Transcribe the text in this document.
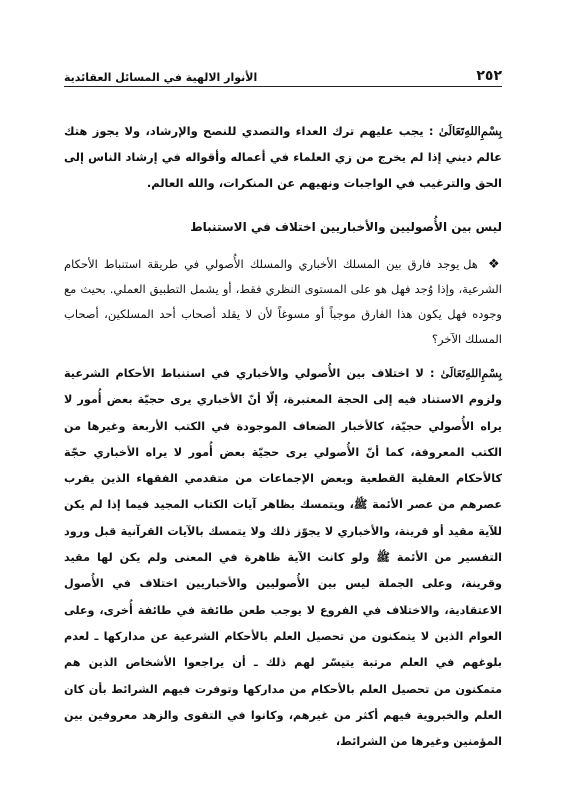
٢٥٢
الأنوار الالهية في المسائل العقائدية

بِسْمِ‌اللهِ‌تَعَالَىٰ : يجب عليهم ترك العداء والتصدي للنصح والإرشاد، ولا يجوز هتك عالم ديني إذا لم يخرج من زي العلماء في أعماله وأقواله في إرشاد الناس إلى الحق والترغيب في الواجبات ونهيهم عن المنكرات، والله العالم.

ليس بين الأُصوليين والأخباريين اختلاف في الاستنباط

❖ هل يوجد فارق بين المسلك الأخباري والمسلك الأُصولي في طريقة استنباط الأحكام الشرعية، وإذا وُجد فهل هو على المستوى النظري فقط، أو يشمل التطبيق العملي. بحيث مع وجوده فهل يكون هذا الفارق موجباً أو مسوغاً لأن لا يقلد أصحاب أحد المسلكين، أصحاب المسلك الآخر؟

بِسْمِ‌اللهِ‌تَعَالَىٰ : لا اختلاف بين الأُصولي والأخباري في استنباط الأحكام الشرعية ولزوم الاستناد فيه إلى الحجة المعتبرة، إلّا أنّ الأخباري يرى حجيّة بعض أُمور لا يراه الأُصولي حجيّة، كالأخبار الضعاف الموجودة في الكتب الأربعة وغيرها من الكتب المعروفة، كما أنّ الأُصولي يرى حجيّة بعض أُمور لا يراه الأخباري حجّة كالأحكام العقلية القطعية وبعض الإجماعات من متقدمي الفقهاء الذين يقرب عصرهم من عصر الأئمة ﷺ، ويتمسك بظاهر آيات الكتاب المجيد فيما إذا لم يكن للآية مقيد أو قرينة، والأخباري لا يجوّز ذلك ولا يتمسك بالآيات القرآنية قبل ورود التفسير من الأئمة ﷺ ولو كانت الآية ظاهرة في المعنى ولم يكن لها مقيد وقرينة، وعلى الجملة ليس بين الأُصوليين والأخباريين اختلاف في الأُصول الاعتقادية، والاختلاف في الفروع لا يوجب طعن طائفة في طائفة أُخرى، وعلى العوام الذين لا يتمكنون من تحصيل العلم بالأحكام الشرعية عن مداركها ـ لعدم بلوغهم في العلم مرتبة يتيسّر لهم ذلك ـ أن يراجعوا الأشخاص الذين هم متمكنون من تحصيل العلم بالأحكام من مداركها وتوفرت فيهم الشرائط بأن كان العلم والخبروية فيهم أكثر من غيرهم، وكانوا في التقوى والزهد معروفين بين المؤمنين وغيرها من الشرائط،
